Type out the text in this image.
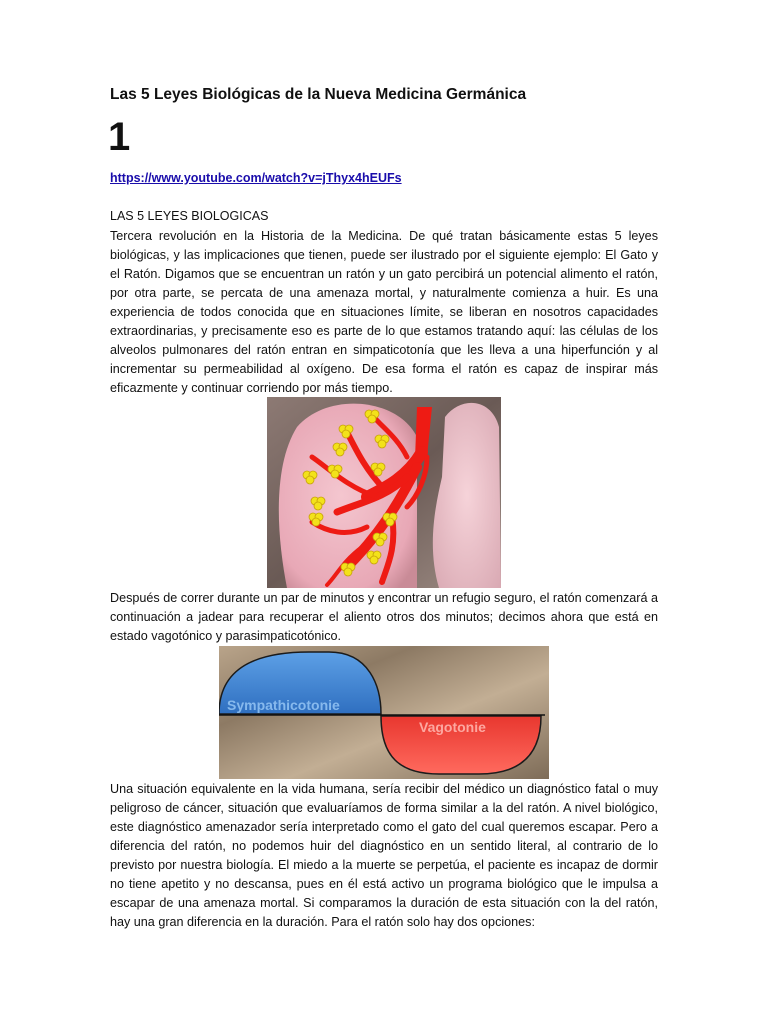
Las 5 Leyes Biológicas de la Nueva Medicina Germánica
1
https://www.youtube.com/watch?v=jThyx4hEUFs
LAS 5 LEYES BIOLOGICAS

Tercera revolución en la Historia de la Medicina. De qué tratan básicamente estas 5 leyes biológicas, y las implicaciones que tienen, puede ser ilustrado por el siguiente ejemplo: El Gato y el Ratón. Digamos que se encuentran un ratón y un gato percibirá un potencial alimento el ratón, por otra parte, se percata de una amenaza mortal, y naturalmente comienza a huir. Es una experiencia de todos conocida que en situaciones límite, se liberan en nosotros capacidades extraordinarias, y precisamente eso es parte de lo que estamos tratando aquí: las células de los alveolos pulmonares del ratón entran en simpaticotonía que les lleva a una hiperfunción y al incrementar su permeabilidad al oxígeno. De esa forma el ratón es capaz de inspirar más eficazmente y continuar corriendo por más tiempo.

Después de correr durante un par de minutos y encontrar un refugio seguro, el ratón comenzará a continuación a jadear para recuperar el aliento otros dos minutos; decimos ahora que está en estado vagotónico y parasimpaticotónico.

Sympathicotonie
Vagotonie

Una situación equivalente en la vida humana, sería recibir del médico un diagnóstico fatal o muy peligroso de cáncer, situación que evaluaríamos de forma similar a la del ratón. A nivel biológico, este diagnóstico amenazador sería interpretado como el gato del cual queremos escapar. Pero a diferencia del ratón, no podemos huir del diagnóstico en un sentido literal, al contrario de lo previsto por nuestra biología. El miedo a la muerte se perpetúa, el paciente es incapaz de dormir no tiene apetito y no descansa, pues en él está activo un programa biológico que le impulsa a escapar de una amenaza mortal. Si comparamos la duración de esta situación con la del ratón, hay una gran diferencia en la duración. Para el ratón solo hay dos opciones:
